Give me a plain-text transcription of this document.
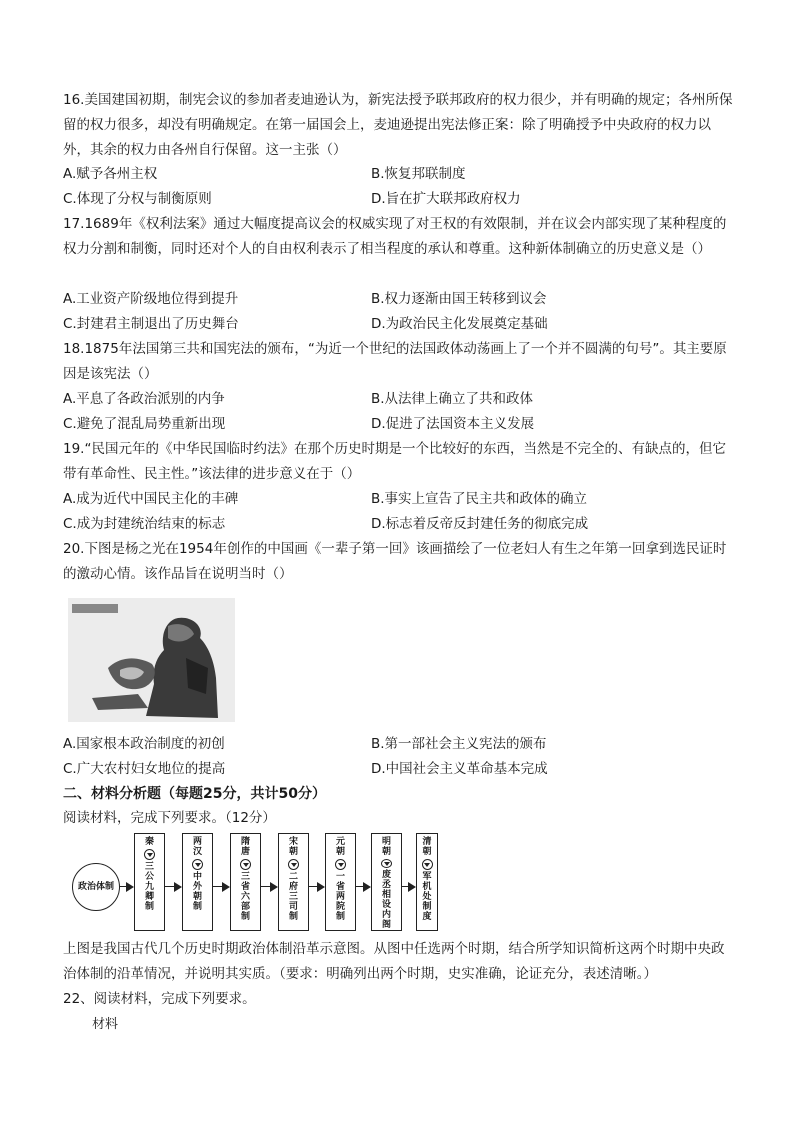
16.美国建国初期，制宪会议的参加者麦迪逊认为，新宪法授予联邦政府的权力很少，并有明确的规定；各州所保留的权力很多，却没有明确规定。在第一届国会上，麦迪逊提出宪法修正案：除了明确授予中央政府的权力以外，其余的权力由各州自行保留。这一主张（）

A.赋予各州主权	B.恢复邦联制度
C.体现了分权与制衡原则	D.旨在扩大联邦政府权力

17.1689年《权利法案》通过大幅度提高议会的权威实现了对王权的有效限制，并在议会内部实现了某种程度的权力分割和制衡，同时还对个人的自由权利表示了相当程度的承认和尊重。这种新体制确立的历史意义是（）

A.工业资产阶级地位得到提升	B.权力逐渐由国王转移到议会
C.封建君主制退出了历史舞台	D.为政治民主化发展奠定基础

18.1875年法国第三共和国宪法的颁布，“为近一个世纪的法国政体动荡画上了一个并不圆满的句号”。其主要原因是该宪法（）

A.平息了各政治派别的内争	B.从法律上确立了共和政体
C.避免了混乱局势重新出现	D.促进了法国资本主义发展

19.“民国元年的《中华民国临时约法》在那个历史时期是一个比较好的东西，当然是不完全的、有缺点的，但它带有革命性、民主性。”该法律的进步意义在于（）

A.成为近代中国民主化的丰碑	B.事实上宣告了民主共和政体的确立
C.成为封建统治结束的标志	D.标志着反帝反封建任务的彻底完成

20.下图是杨之光在1954年创作的中国画《一辈子第一回》该画描绘了一位老妇人有生之年第一回拿到选民证时的激动心情。该作品旨在说明当时（）

A.国家根本政治制度的初创	B.第一部社会主义宪法的颁布
C.广大农村妇女地位的提高	D.中国社会主义革命基本完成
二、材料分析题（每题25分，共计50分）
阅读材料，完成下列要求。（12分）
政治体制
秦
三公九卿制
两汉
中外朝制
隋唐
三省六部制
宋朝
二府三司制
元朝
一省两院制
明朝
废丞相设内阁
清朝
军机处制度

上图是我国古代几个历史时期政治体制沿革示意图。从图中任选两个时期，结合所学知识简析这两个时期中央政治体制的沿革情况，并说明其实质。（要求：明确列出两个时期，史实准确，论证充分，表述清晰。）

22、阅读材料，完成下列要求。
材料
